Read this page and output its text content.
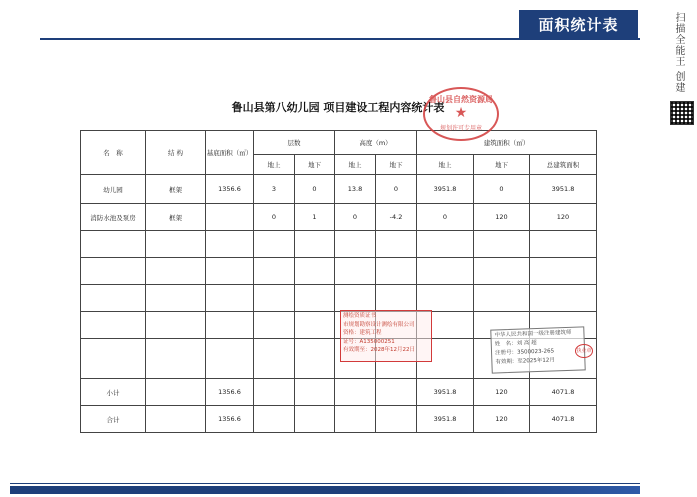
面积统计表	扫描全能王 创建
鲁山县第八幼儿园 项目建设工程内容统计表
名　称	结 构	基底面积（㎡）	层数		高度（m）		建筑面积（㎡）		
			地上	地下	地上	地下	地上	地下	总建筑面积
幼儿园	框架	1356.6	3	0	13.8	0	3951.8	0	3951.8
消防水池及泵房	框架		0	1	0	-4.2	0	120	120

小计		1356.6					3951.8	120	4071.8
合计		1356.6					3951.8	120	4071.8
鲁山县自然资源局
★
规划许可专用章
测绘资质证书
市规划勘察设计测绘有限公司
资格：建筑工程
证号：A135000251
有效期至：2028年12月22日
中华人民共和国一级注册建筑师
姓　名：刘 高 超
注册号：3500023-265
有效期：至2025年12月
执业章
